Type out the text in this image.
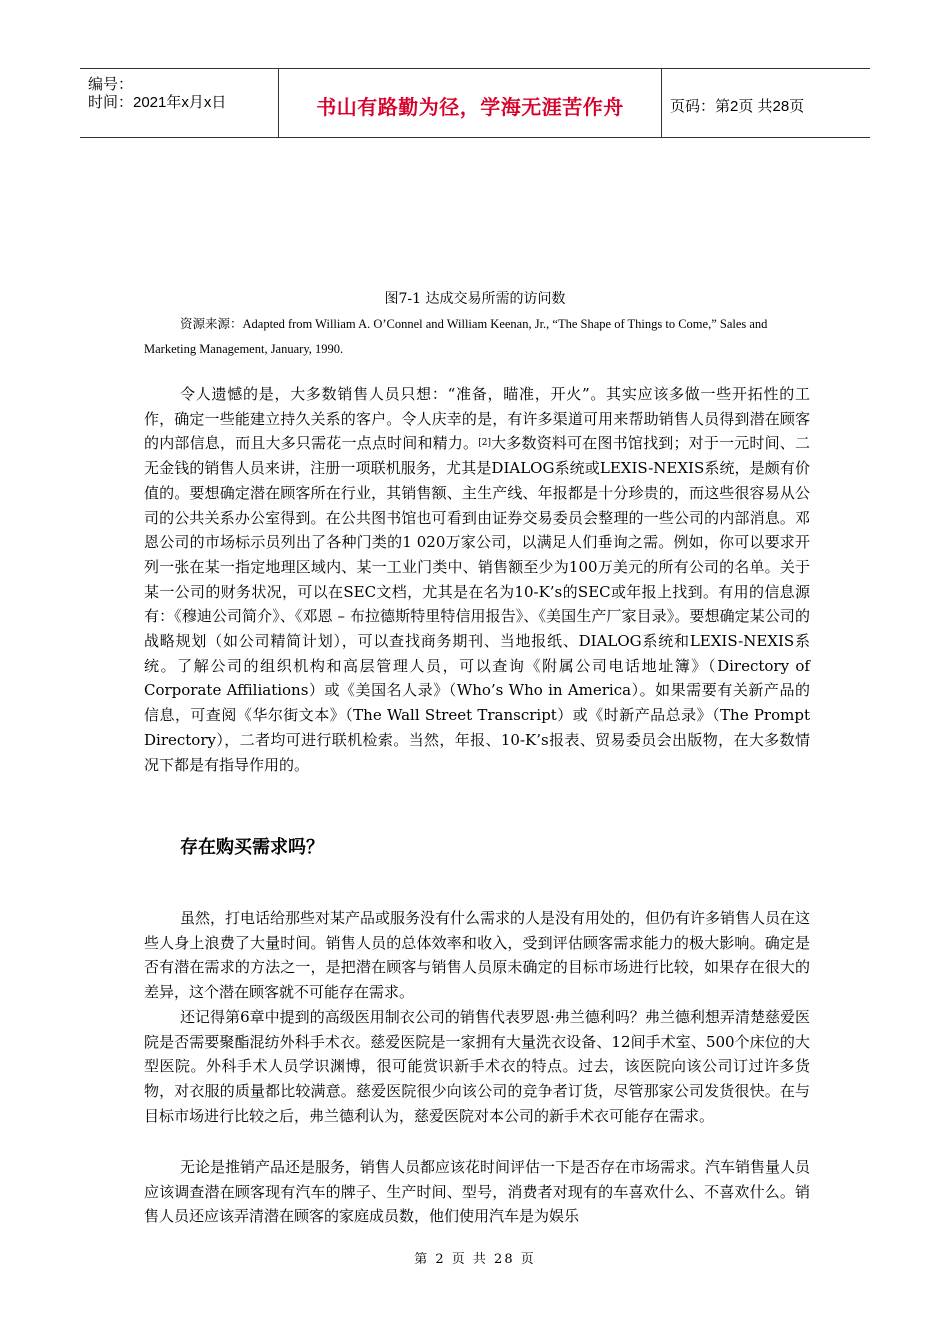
编号：
时间：2021年x月x日	书山有路勤为径，学海无涯苦作舟	页码：第2页 共28页
图7-1 达成交易所需的访问数
资源来源：Adapted from William A. O’Connel and William Keenan, Jr., “The Shape of Things to Come,” Sales and Marketing Management, January, 1990.

令人遗憾的是，大多数销售人员只想：“准备，瞄准，开火”。其实应该多做一些开拓性的工作，确定一些能建立持久关系的客户。令人庆幸的是，有许多渠道可用来帮助销售人员得到潜在顾客的内部信息，而且大多只需花一点点时间和精力。[2]大多数资料可在图书馆找到；对于一元时间、二无金钱的销售人员来讲，注册一项联机服务，尤其是DIALOG系统或LEXIS-NEXIS系统，是颇有价值的。要想确定潜在顾客所在行业，其销售额、主生产线、年报都是十分珍贵的，而这些很容易从公司的公共关系办公室得到。在公共图书馆也可看到由证券交易委员会整理的一些公司的内部消息。邓恩公司的市场标示员列出了各种门类的1 020万家公司，以满足人们垂询之需。例如，你可以要求开列一张在某一指定地理区域内、某一工业门类中、销售额至少为100万美元的所有公司的名单。关于某一公司的财务状况，可以在SEC文档，尤其是在名为10-K’s的SEC或年报上找到。有用的信息源有：《穆迪公司简介》、《邓恩 – 布拉德斯特里特信用报告》、《美国生产厂家目录》。要想确定某公司的战略规划（如公司精简计划），可以查找商务期刊、当地报纸、DIALOG系统和LEXIS-NEXIS系统。了解公司的组织机构和高层管理人员，可以查询《附属公司电话地址簿》（Directory of Corporate Affiliations）或《美国名人录》（Who’s Who in America）。如果需要有关新产品的信息，可查阅《华尔街文本》（The Wall Street Transcript）或《时新产品总录》（The Prompt Directory），二者均可进行联机检索。当然，年报、10-K’s报表、贸易委员会出版物，在大多数情况下都是有指导作用的。

存在购买需求吗？

虽然，打电话给那些对某产品或服务没有什么需求的人是没有用处的，但仍有许多销售人员在这些人身上浪费了大量时间。销售人员的总体效率和收入，受到评估顾客需求能力的极大影响。确定是否有潜在需求的方法之一，是把潜在顾客与销售人员原未确定的目标市场进行比较，如果存在很大的差异，这个潜在顾客就不可能存在需求。

还记得第6章中提到的高级医用制衣公司的销售代表罗恩·弗兰德利吗？弗兰德利想弄清楚慈爱医院是否需要聚酯混纺外科手术衣。慈爱医院是一家拥有大量洗衣设备、12间手术室、500个床位的大型医院。外科手术人员学识渊博，很可能赏识新手术衣的特点。过去，该医院向该公司订过许多货物，对衣服的质量都比较满意。慈爱医院很少向该公司的竞争者订货，尽管那家公司发货很快。在与目标市场进行比较之后，弗兰德利认为，慈爱医院对本公司的新手术衣可能存在需求。

无论是推销产品还是服务，销售人员都应该花时间评估一下是否存在市场需求。汽车销售量人员应该调查潜在顾客现有汽车的牌子、生产时间、型号，消费者对现有的车喜欢什么、不喜欢什么。销售人员还应该弄清潜在顾客的家庭成员数，他们使用汽车是为娱乐

第 2 页 共 28 页
